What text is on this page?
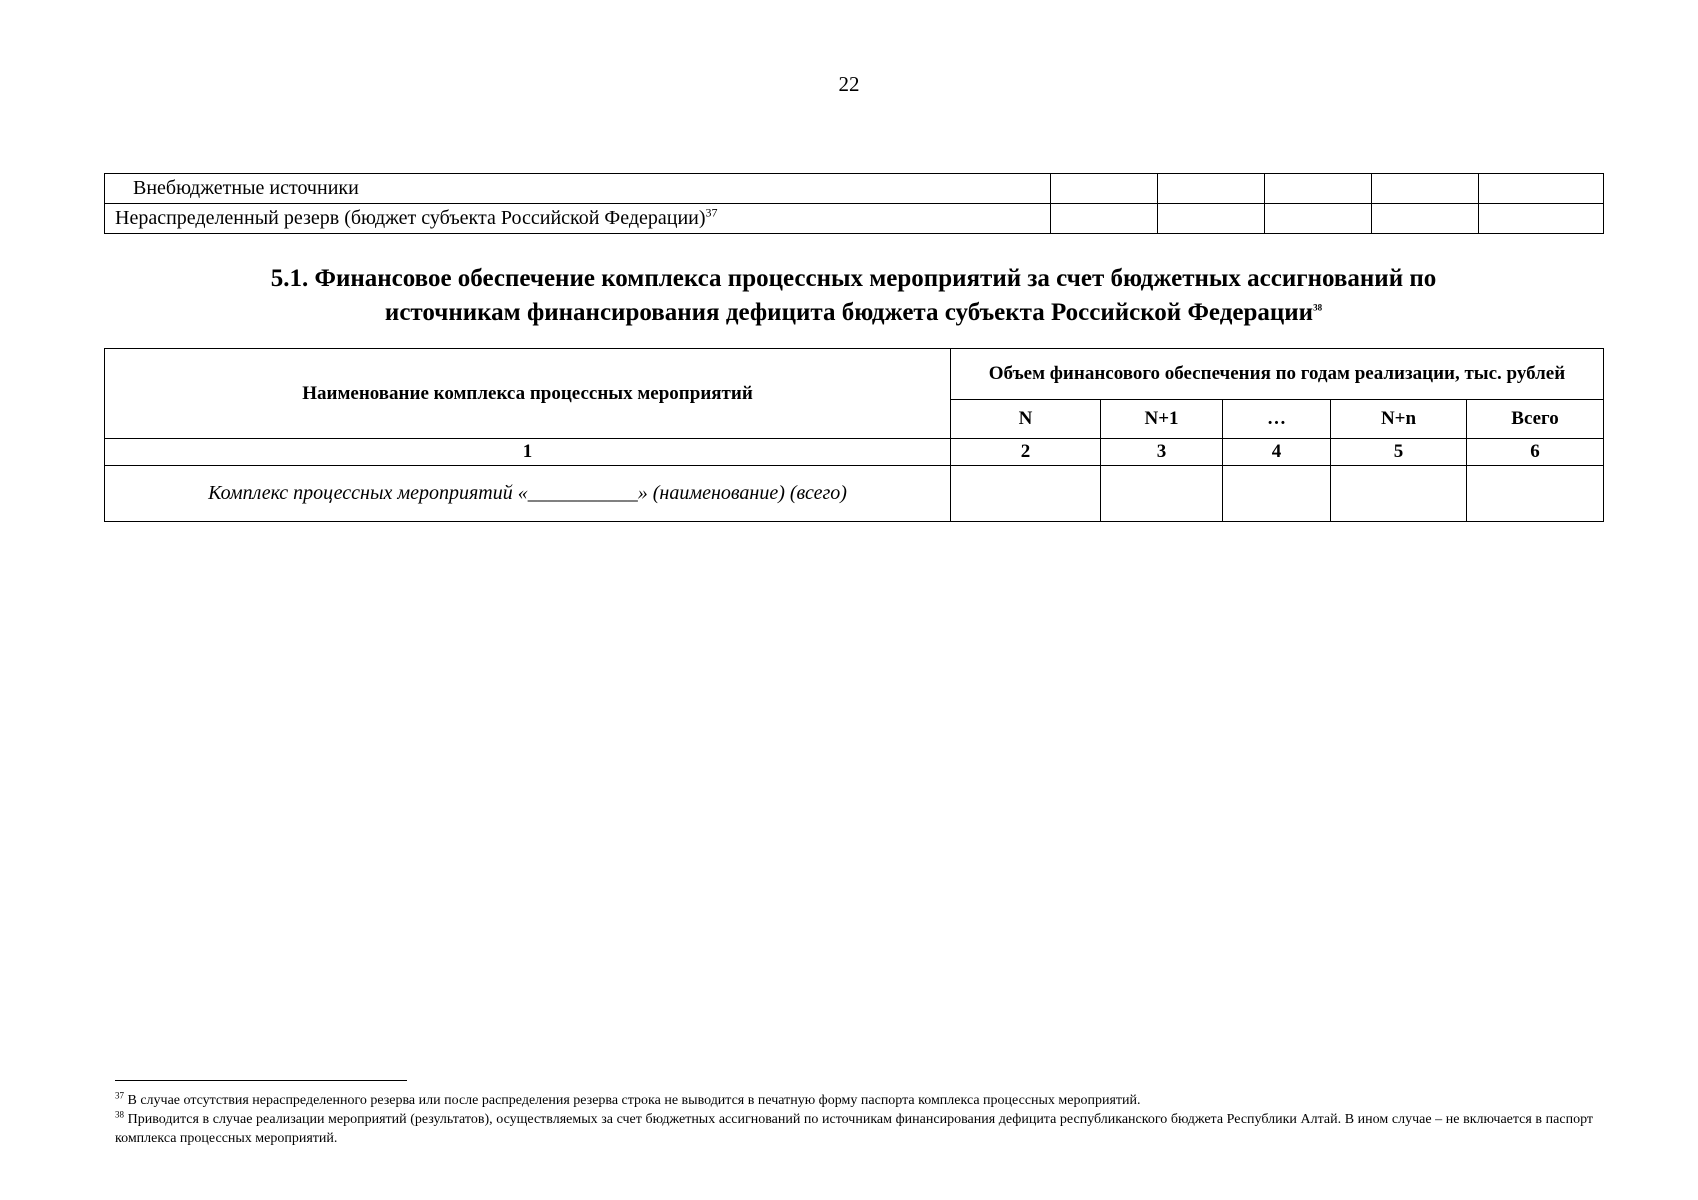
22
Внебюджетные источники					
Нераспределенный резерв (бюджет субъекта Российской Федерации)$^{37}$					
5.1. Финансовое обеспечение комплекса процессных мероприятий за счет бюджетных ассигнований по
источникам финансирования дефицита бюджета субъекта Российской Федерации$^{38}$
Наименование комплекса процессных мероприятий	Объем финансового обеспечения по годам реализации, тыс. рублей				
	N	N+1	…	N+n	Всего
1	2	3	4	5	6
Комплекс процессных мероприятий «___________» (наименование) (всего)					

$^{37}$ В случае отсутствия нераспределенного резерва или после распределения резерва строка не выводится в печатную форму паспорта комплекса процессных мероприятий.

$^{38}$ Приводится в случае реализации мероприятий (результатов), осуществляемых за счет бюджетных ассигнований по источникам финансирования дефицита республиканского бюджета Республики Алтай. В ином случае – не включается в паспорт комплекса процессных мероприятий.
